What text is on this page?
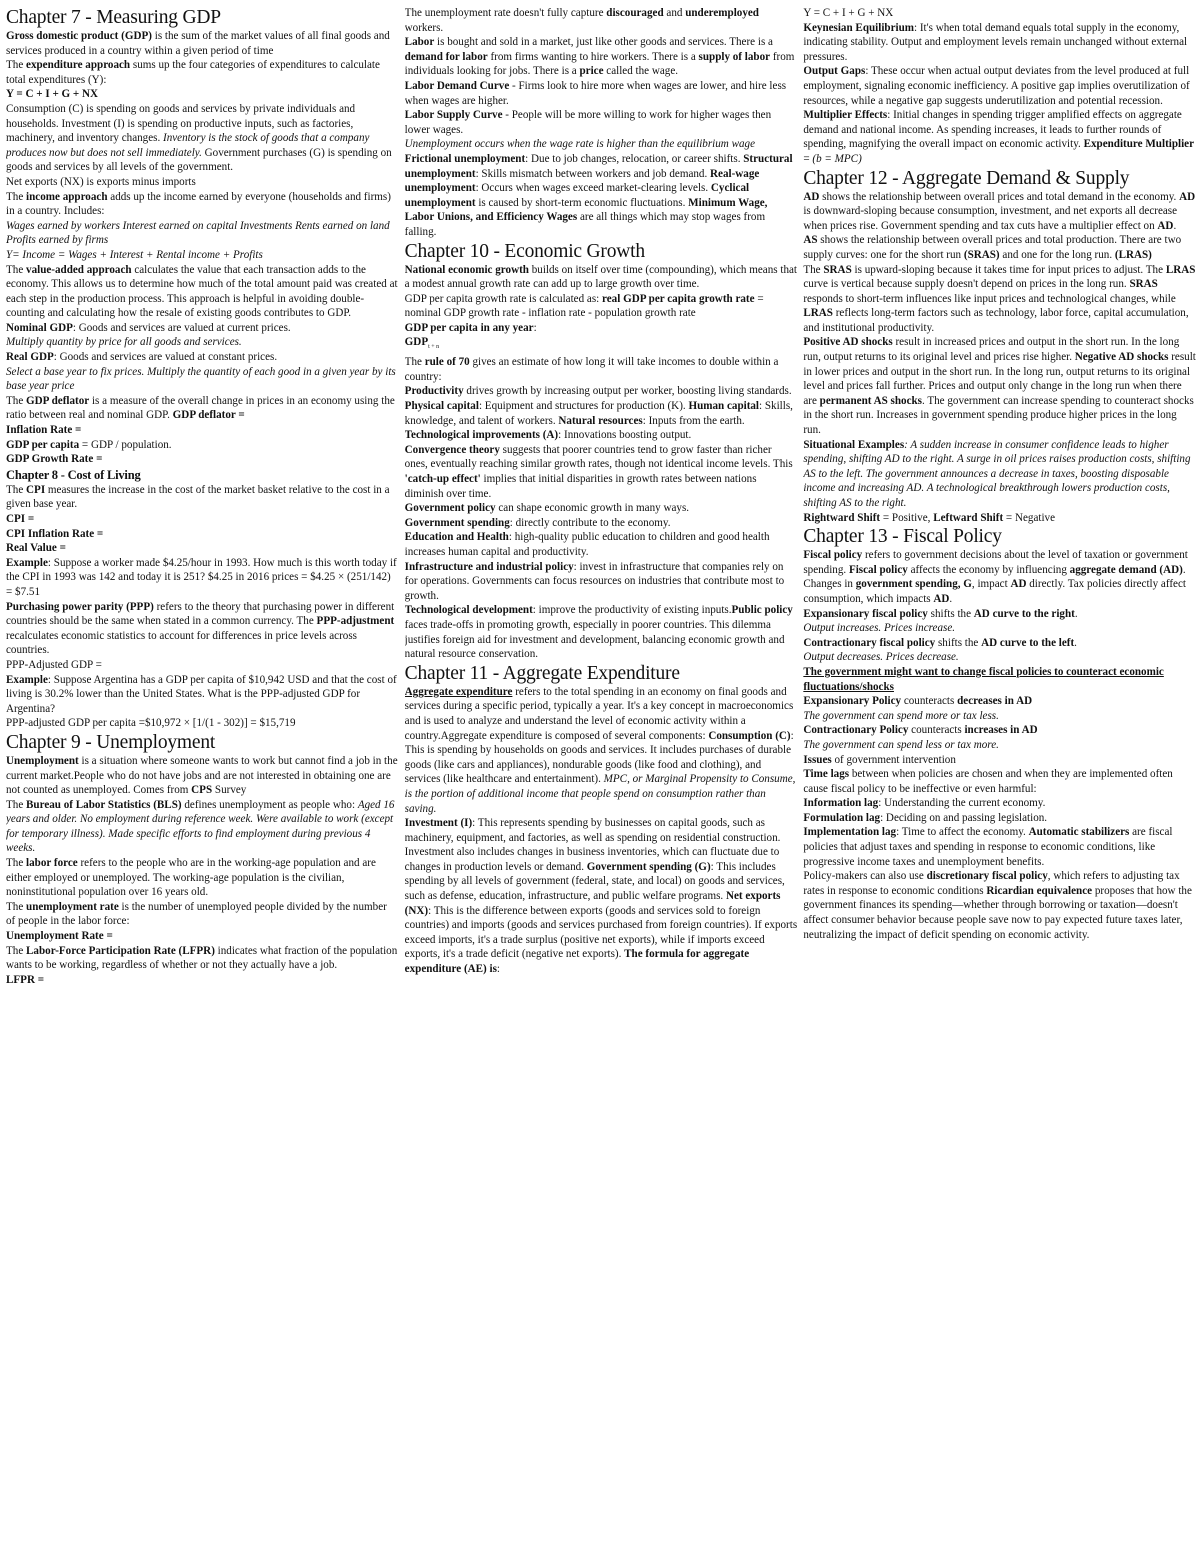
Chapter 7 - Measuring GDP

Gross domestic product (GDP) is the sum of the market values of all final goods and services produced in a country within a given period of time

The expenditure approach sums up the four categories of expenditures to calculate total expenditures (Y):

Y = C + I + G + NX

Consumption (C) is spending on goods and services by private individuals and households. Investment (I) is spending on productive inputs, such as factories, machinery, and inventory changes. Inventory is the stock of goods that a company produces now but does not sell immediately. Government purchases (G) is spending on goods and services by all levels of the government.

Net exports (NX) is exports minus imports

The income approach adds up the income earned by everyone (households and firms) in a country. Includes:

Wages earned by workers Interest earned on capital Investments Rents earned on land Profits earned by firms

Y= Income = Wages + Interest + Rental income + Profits

The value-added approach calculates the value that each transaction adds to the economy. This allows us to determine how much of the total amount paid was created at each step in the production process. This approach is helpful in avoiding double-counting and calculating how the resale of existing goods contributes to GDP.

Nominal GDP: Goods and services are valued at current prices.

Multiply quantity by price for all goods and services.

Real GDP: Goods and services are valued at constant prices.

Select a base year to fix prices. Multiply the quantity of each good in a given year by its base year price

The GDP deflator is a measure of the overall change in prices in an economy using the ratio between real and nominal GDP. GDP deflator =

Inflation Rate =

GDP per capita = GDP / population.

GDP Growth Rate =

Chapter 8 - Cost of Living

The CPI measures the increase in the cost of the market basket relative to the cost in a given base year.

CPI =

CPI Inflation Rate =

Real Value =

Example: Suppose a worker made $4.25/hour in 1993. How much is this worth today if the CPI in 1993 was 142 and today it is 251? $4.25 in 2016 prices = $4.25 × (251/142) = $7.51

Purchasing power parity (PPP) refers to the theory that purchasing power in different countries should be the same when stated in a common currency. The PPP-adjustment recalculates economic statistics to account for differences in price levels across countries.

PPP-Adjusted GDP =

Example: Suppose Argentina has a GDP per capita of $10,942 USD and that the cost of living is 30.2% lower than the United States. What is the PPP-adjusted GDP for Argentina?

PPP-adjusted GDP per capita =$10,972 × [1/(1 - 302)] = $15,719

Chapter 9 - Unemployment

Unemployment is a situation where someone wants to work but cannot find a job in the current market.People who do not have jobs and are not interested in obtaining one are not counted as unemployed. Comes from CPS Survey

The Bureau of Labor Statistics (BLS) defines unemployment as people who: Aged 16 years and older. No employment during reference week. Were available to work (except for temporary illness). Made specific efforts to find employment during previous 4 weeks.

The labor force refers to the people who are in the working-age population and are either employed or unemployed. The working-age population is the civilian, noninstitutional population over 16 years old.

The unemployment rate is the number of unemployed people divided by the number of people in the labor force:

Unemployment Rate =

The Labor-Force Participation Rate (LFPR) indicates what fraction of the population wants to be working, regardless of whether or not they actually have a job.

LFPR =

The unemployment rate doesn't fully capture discouraged and underemployed workers.

Labor is bought and sold in a market, just like other goods and services. There is a demand for labor from firms wanting to hire workers. There is a supply of labor from individuals looking for jobs. There is a price called the wage.

Labor Demand Curve - Firms look to hire more when wages are lower, and hire less when wages are higher.

Labor Supply Curve - People will be more willing to work for higher wages then lower wages.

Unemployment occurs when the wage rate is higher than the equilibrium wage

Frictional unemployment: Due to job changes, relocation, or career shifts. Structural unemployment: Skills mismatch between workers and job demand. Real-wage unemployment: Occurs when wages exceed market-clearing levels. Cyclical unemployment is caused by short-term economic fluctuations. Minimum Wage, Labor Unions, and Efficiency Wages are all things which may stop wages from falling.

Chapter 10 - Economic Growth

National economic growth builds on itself over time (compounding), which means that a modest annual growth rate can add up to large growth over time.

GDP per capita growth rate is calculated as: real GDP per capita growth rate = nominal GDP growth rate - inflation rate - population growth rate

GDP per capita in any year:

$GDP_{t + n}$

The rule of 70 gives an estimate of how long it will take incomes to double within a country:

Productivity drives growth by increasing output per worker, boosting living standards. Physical capital: Equipment and structures for production (K). Human capital: Skills, knowledge, and talent of workers. Natural resources: Inputs from the earth.

Technological improvements (A): Innovations boosting output.

Convergence theory suggests that poorer countries tend to grow faster than richer ones, eventually reaching similar growth rates, though not identical income levels. This 'catch-up effect' implies that initial disparities in growth rates between nations diminish over time.

Government policy can shape economic growth in many ways.

Government spending: directly contribute to the economy.

Education and Health: high-quality public education to children and good health increases human capital and productivity.

Infrastructure and industrial policy: invest in infrastructure that companies rely on for operations. Governments can focus resources on industries that contribute most to growth.

Technological development: improve the productivity of existing inputs.Public policy faces trade-offs in promoting growth, especially in poorer countries. This dilemma justifies foreign aid for investment and development, balancing economic growth and natural resource conservation.

Chapter 11 - Aggregate Expenditure

Aggregate expenditure refers to the total spending in an economy on final goods and services during a specific period, typically a year. It's a key concept in macroeconomics and is used to analyze and understand the level of economic activity within a country.Aggregate expenditure is composed of several components: Consumption (C): This is spending by households on goods and services. It includes purchases of durable goods (like cars and appliances), nondurable goods (like food and clothing), and services (like healthcare and entertainment). MPC, or Marginal Propensity to Consume, is the portion of additional income that people spend on consumption rather than saving.

Investment (I): This represents spending by businesses on capital goods, such as machinery, equipment, and factories, as well as spending on residential construction. Investment also includes changes in business inventories, which can fluctuate due to changes in production levels or demand. Government spending (G): This includes spending by all levels of government (federal, state, and local) on goods and services, such as defense, education, infrastructure, and public welfare programs. Net exports (NX): This is the difference between exports (goods and services sold to foreign countries) and imports (goods and services purchased from foreign countries). If exports exceed imports, it's a trade surplus (positive net exports), while if imports exceed exports, it's a trade deficit (negative net exports). The formula for aggregate expenditure (AE) is:

Y = C + I + G + NX

Keynesian Equilibrium: It's when total demand equals total supply in the economy, indicating stability. Output and employment levels remain unchanged without external pressures.

Output Gaps: These occur when actual output deviates from the level produced at full employment, signaling economic inefficiency. A positive gap implies overutilization of resources, while a negative gap suggests underutilization and potential recession. Multiplier Effects: Initial changes in spending trigger amplified effects on aggregate demand and national income. As spending increases, it leads to further rounds of spending, magnifying the overall impact on economic activity. Expenditure Multiplier = (b = MPC)

Chapter 12 - Aggregate Demand & Supply

AD shows the relationship between overall prices and total demand in the economy. AD is downward-sloping because consumption, investment, and net exports all decrease when prices rise. Government spending and tax cuts have a multiplier effect on AD.

AS shows the relationship between overall prices and total production. There are two supply curves: one for the short run (SRAS) and one for the long run. (LRAS)

The SRAS is upward-sloping because it takes time for input prices to adjust. The LRAS curve is vertical because supply doesn't depend on prices in the long run. SRAS responds to short-term influences like input prices and technological changes, while LRAS reflects long-term factors such as technology, labor force, capital accumulation, and institutional productivity.

Positive AD shocks result in increased prices and output in the short run. In the long run, output returns to its original level and prices rise higher. Negative AD shocks result in lower prices and output in the short run. In the long run, output returns to its original level and prices fall further. Prices and output only change in the long run when there are permanent AS shocks. The government can increase spending to counteract shocks in the short run. Increases in government spending produce higher prices in the long run.

Situational Examples: A sudden increase in consumer confidence leads to higher spending, shifting AD to the right. A surge in oil prices raises production costs, shifting AS to the left. The government announces a decrease in taxes, boosting disposable income and increasing AD. A technological breakthrough lowers production costs, shifting AS to the right.

Rightward Shift = Positive, Leftward Shift = Negative

Chapter 13 - Fiscal Policy

Fiscal policy refers to government decisions about the level of taxation or government spending. Fiscal policy affects the economy by influencing aggregate demand (AD). Changes in government spending, G, impact AD directly. Tax policies directly affect consumption, which impacts AD.

Expansionary fiscal policy shifts the AD curve to the right.

Output increases. Prices increase.

Contractionary fiscal policy shifts the AD curve to the left.

Output decreases. Prices decrease.

The government might want to change fiscal policies to counteract economic fluctuations/shocks

Expansionary Policy counteracts decreases in AD

The government can spend more or tax less.

Contractionary Policy counteracts increases in AD

The government can spend less or tax more.

Issues of government intervention

Time lags between when policies are chosen and when they are implemented often cause fiscal policy to be ineffective or even harmful:

Information lag: Understanding the current economy.

Formulation lag: Deciding on and passing legislation.

Implementation lag: Time to affect the economy. Automatic stabilizers are fiscal policies that adjust taxes and spending in response to economic conditions, like progressive income taxes and unemployment benefits.

Policy-makers can also use discretionary fiscal policy, which refers to adjusting tax rates in response to economic conditions Ricardian equivalence proposes that how the government finances its spending—whether through borrowing or taxation—doesn't affect consumer behavior because people save now to pay expected future taxes later, neutralizing the impact of deficit spending on economic activity.
